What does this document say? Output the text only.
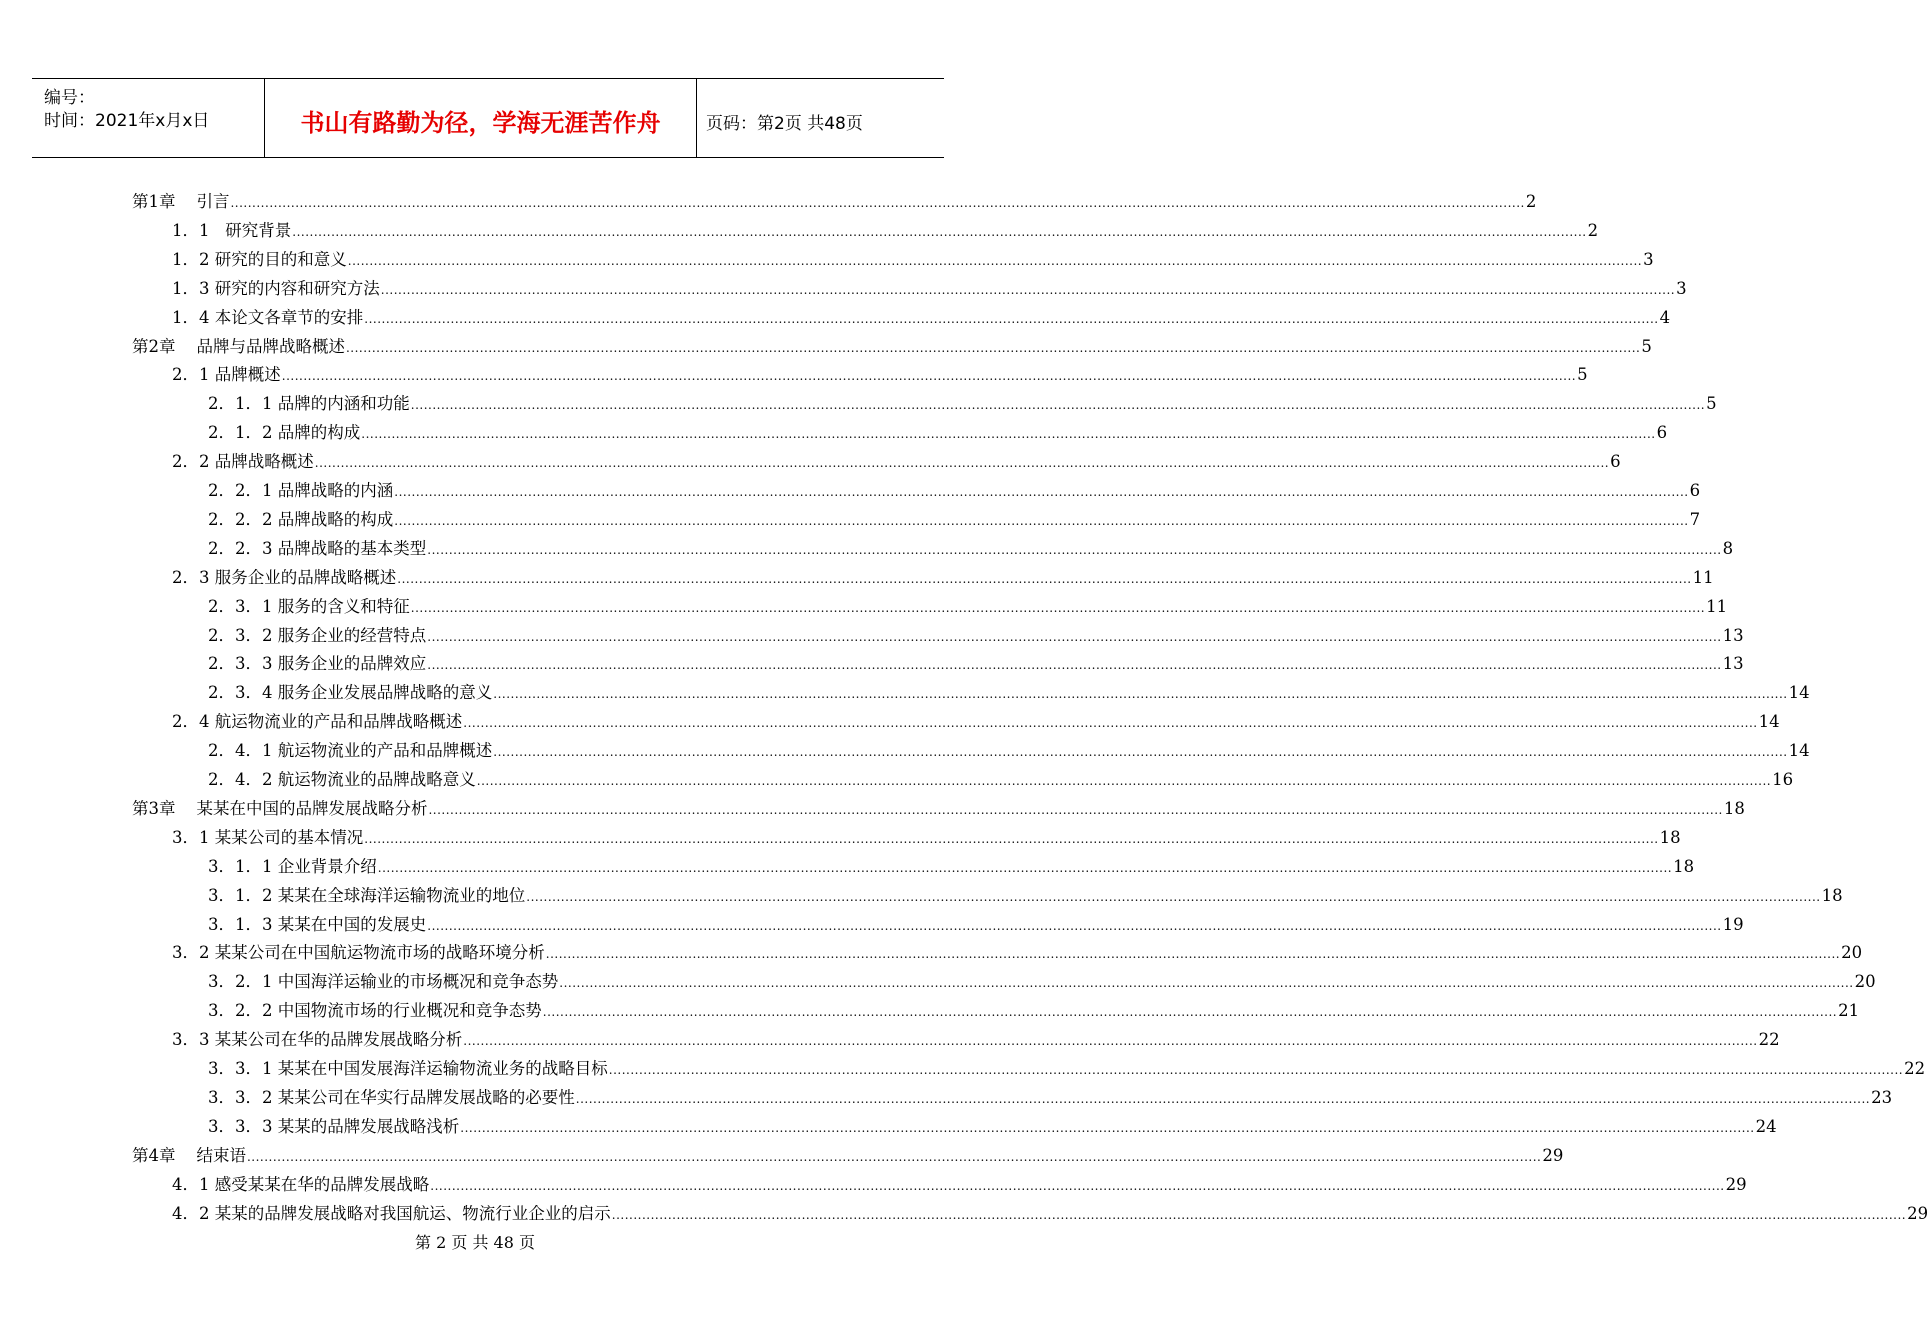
编号：
时间：2021年x月x日	书山有路勤为径，学海无涯苦作舟	页码：第2页 共48页
第1章
引言 ............................................................................................................................................................................................................................................................................................................ 2
1．1
研究背景 ............................................................................................................................................................................................................................................................................................................ 2
1．2
研究的目的和意义 ............................................................................................................................................................................................................................................................................................................ 3
1．3
研究的内容和研究方法 ............................................................................................................................................................................................................................................................................................................ 3
1．4
本论文各章节的安排 ............................................................................................................................................................................................................................................................................................................ 4
第2章
品牌与品牌战略概述 ............................................................................................................................................................................................................................................................................................................ 5
2．1
品牌概述 ............................................................................................................................................................................................................................................................................................................ 5
2．1．1
品牌的内涵和功能 ............................................................................................................................................................................................................................................................................................................ 5
2．1．2
品牌的构成 ............................................................................................................................................................................................................................................................................................................ 6
2．2
品牌战略概述 ............................................................................................................................................................................................................................................................................................................ 6
2．2．1
品牌战略的内涵 ............................................................................................................................................................................................................................................................................................................ 6
2．2．2
品牌战略的构成 ............................................................................................................................................................................................................................................................................................................ 7
2．2．3
品牌战略的基本类型 ............................................................................................................................................................................................................................................................................................................ 8
2．3
服务企业的品牌战略概述 ............................................................................................................................................................................................................................................................................................................ 11
2．3．1
服务的含义和特征 ............................................................................................................................................................................................................................................................................................................ 11
2．3．2
服务企业的经营特点 ............................................................................................................................................................................................................................................................................................................ 13
2．3．3
服务企业的品牌效应 ............................................................................................................................................................................................................................................................................................................ 13
2．3．4
服务企业发展品牌战略的意义 ............................................................................................................................................................................................................................................................................................................ 14
2．4
航运物流业的产品和品牌战略概述 ............................................................................................................................................................................................................................................................................................................ 14
2．4．1
航运物流业的产品和品牌概述 ............................................................................................................................................................................................................................................................................................................ 14
2．4．2
航运物流业的品牌战略意义 ............................................................................................................................................................................................................................................................................................................ 16
第3章
某某在中国的品牌发展战略分析 ............................................................................................................................................................................................................................................................................................................ 18
3．1
某某公司的基本情况 ............................................................................................................................................................................................................................................................................................................ 18
3．1．1
企业背景介绍 ............................................................................................................................................................................................................................................................................................................ 18
3．1．2
某某在全球海洋运输物流业的地位 ............................................................................................................................................................................................................................................................................................................ 18
3．1．3
某某在中国的发展史 ............................................................................................................................................................................................................................................................................................................ 19
3．2
某某公司在中国航运物流市场的战略环境分析 ............................................................................................................................................................................................................................................................................................................ 20
3．2．1
中国海洋运输业的市场概况和竞争态势 ............................................................................................................................................................................................................................................................................................................ 20
3．2．2
中国物流市场的行业概况和竞争态势 ............................................................................................................................................................................................................................................................................................................ 21
3．3
某某公司在华的品牌发展战略分析 ............................................................................................................................................................................................................................................................................................................ 22
3．3．1
某某在中国发展海洋运输物流业务的战略目标 ............................................................................................................................................................................................................................................................................................................ 22
3．3．2
某某公司在华实行品牌发展战略的必要性 ............................................................................................................................................................................................................................................................................................................ 23
3．3．3
某某的品牌发展战略浅析 ............................................................................................................................................................................................................................................................................................................ 24
第4章
结束语 ............................................................................................................................................................................................................................................................................................................ 29
4．1
感受某某在华的品牌发展战略 ............................................................................................................................................................................................................................................................................................................ 29
4．2
某某的品牌发展战略对我国航运、物流行业企业的启示 ............................................................................................................................................................................................................................................................................................................ 29
第 2 页 共 48 页
